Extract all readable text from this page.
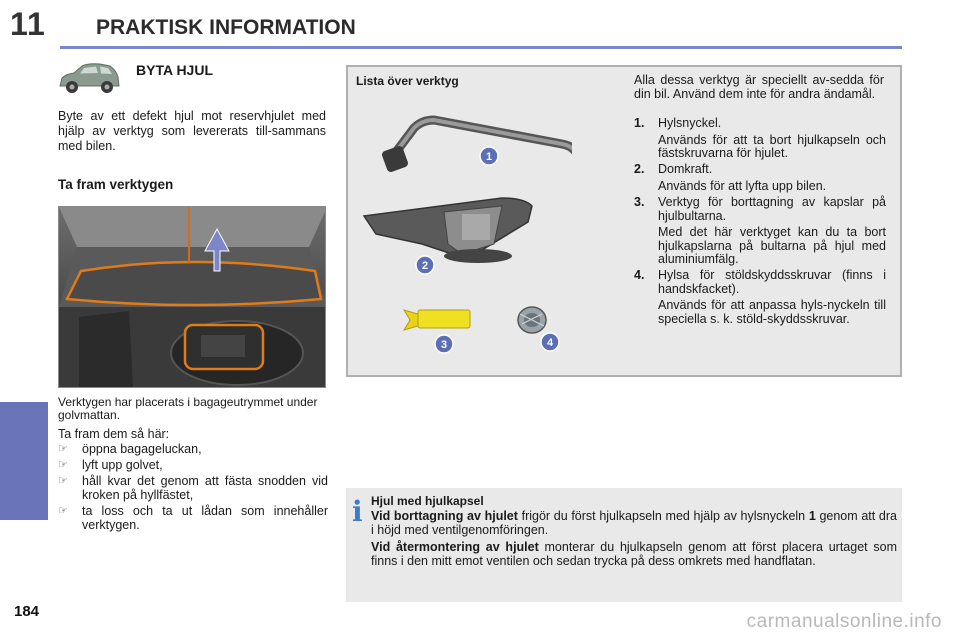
11 PRAKTISK INFORMATION
184
BYTA HJUL
Byte av ett defekt hjul mot reservhjulet med hjälp av verktyg som levererats till-sammans med bilen.
Ta fram verktygen
Verktygen har placerats i bagageutrymmet under golvmattan.
Ta fram dem så här:
☞ öppna bagageluckan,
☞ lyft upp golvet,
☞ håll kvar det genom att fästa snodden vid kroken på hyllfästet,
☞ ta loss och ta ut lådan som innehåller verktygen.
Lista över verktyg
1
2
3	4
Alla dessa verktyg är speciellt av-sedda för din bil. Använd dem inte för andra ändamål.
1.	Hylsnyckel.
Används för att ta bort hjulkapseln och fästskruvarna för hjulet.
2.	Domkraft.
Används för att lyfta upp bilen.
3.	Verktyg för borttagning av kapslar på hjulbultarna.
Med det här verktyget kan du ta bort hjulkapslarna på bultarna på hjul med aluminiumfälg.
4.	Hylsa för stöldskyddsskruvar (finns i handskfacket).
Används för att anpassa hyls-nyckeln till speciella s. k. stöld-skyddsskruvar.
i Hjul med hjulkapsel
Vid borttagning av hjulet frigör du först hjulkapseln med hjälp av hylsnyckeln 1 genom att dra i höjd med ventilgenomföringen.
Vid återmontering av hjulet monterar du hjulkapseln genom att först placera urtaget som finns i den mitt emot ventilen och sedan trycka på dess omkrets med handflatan.
carmanualsonline.info
